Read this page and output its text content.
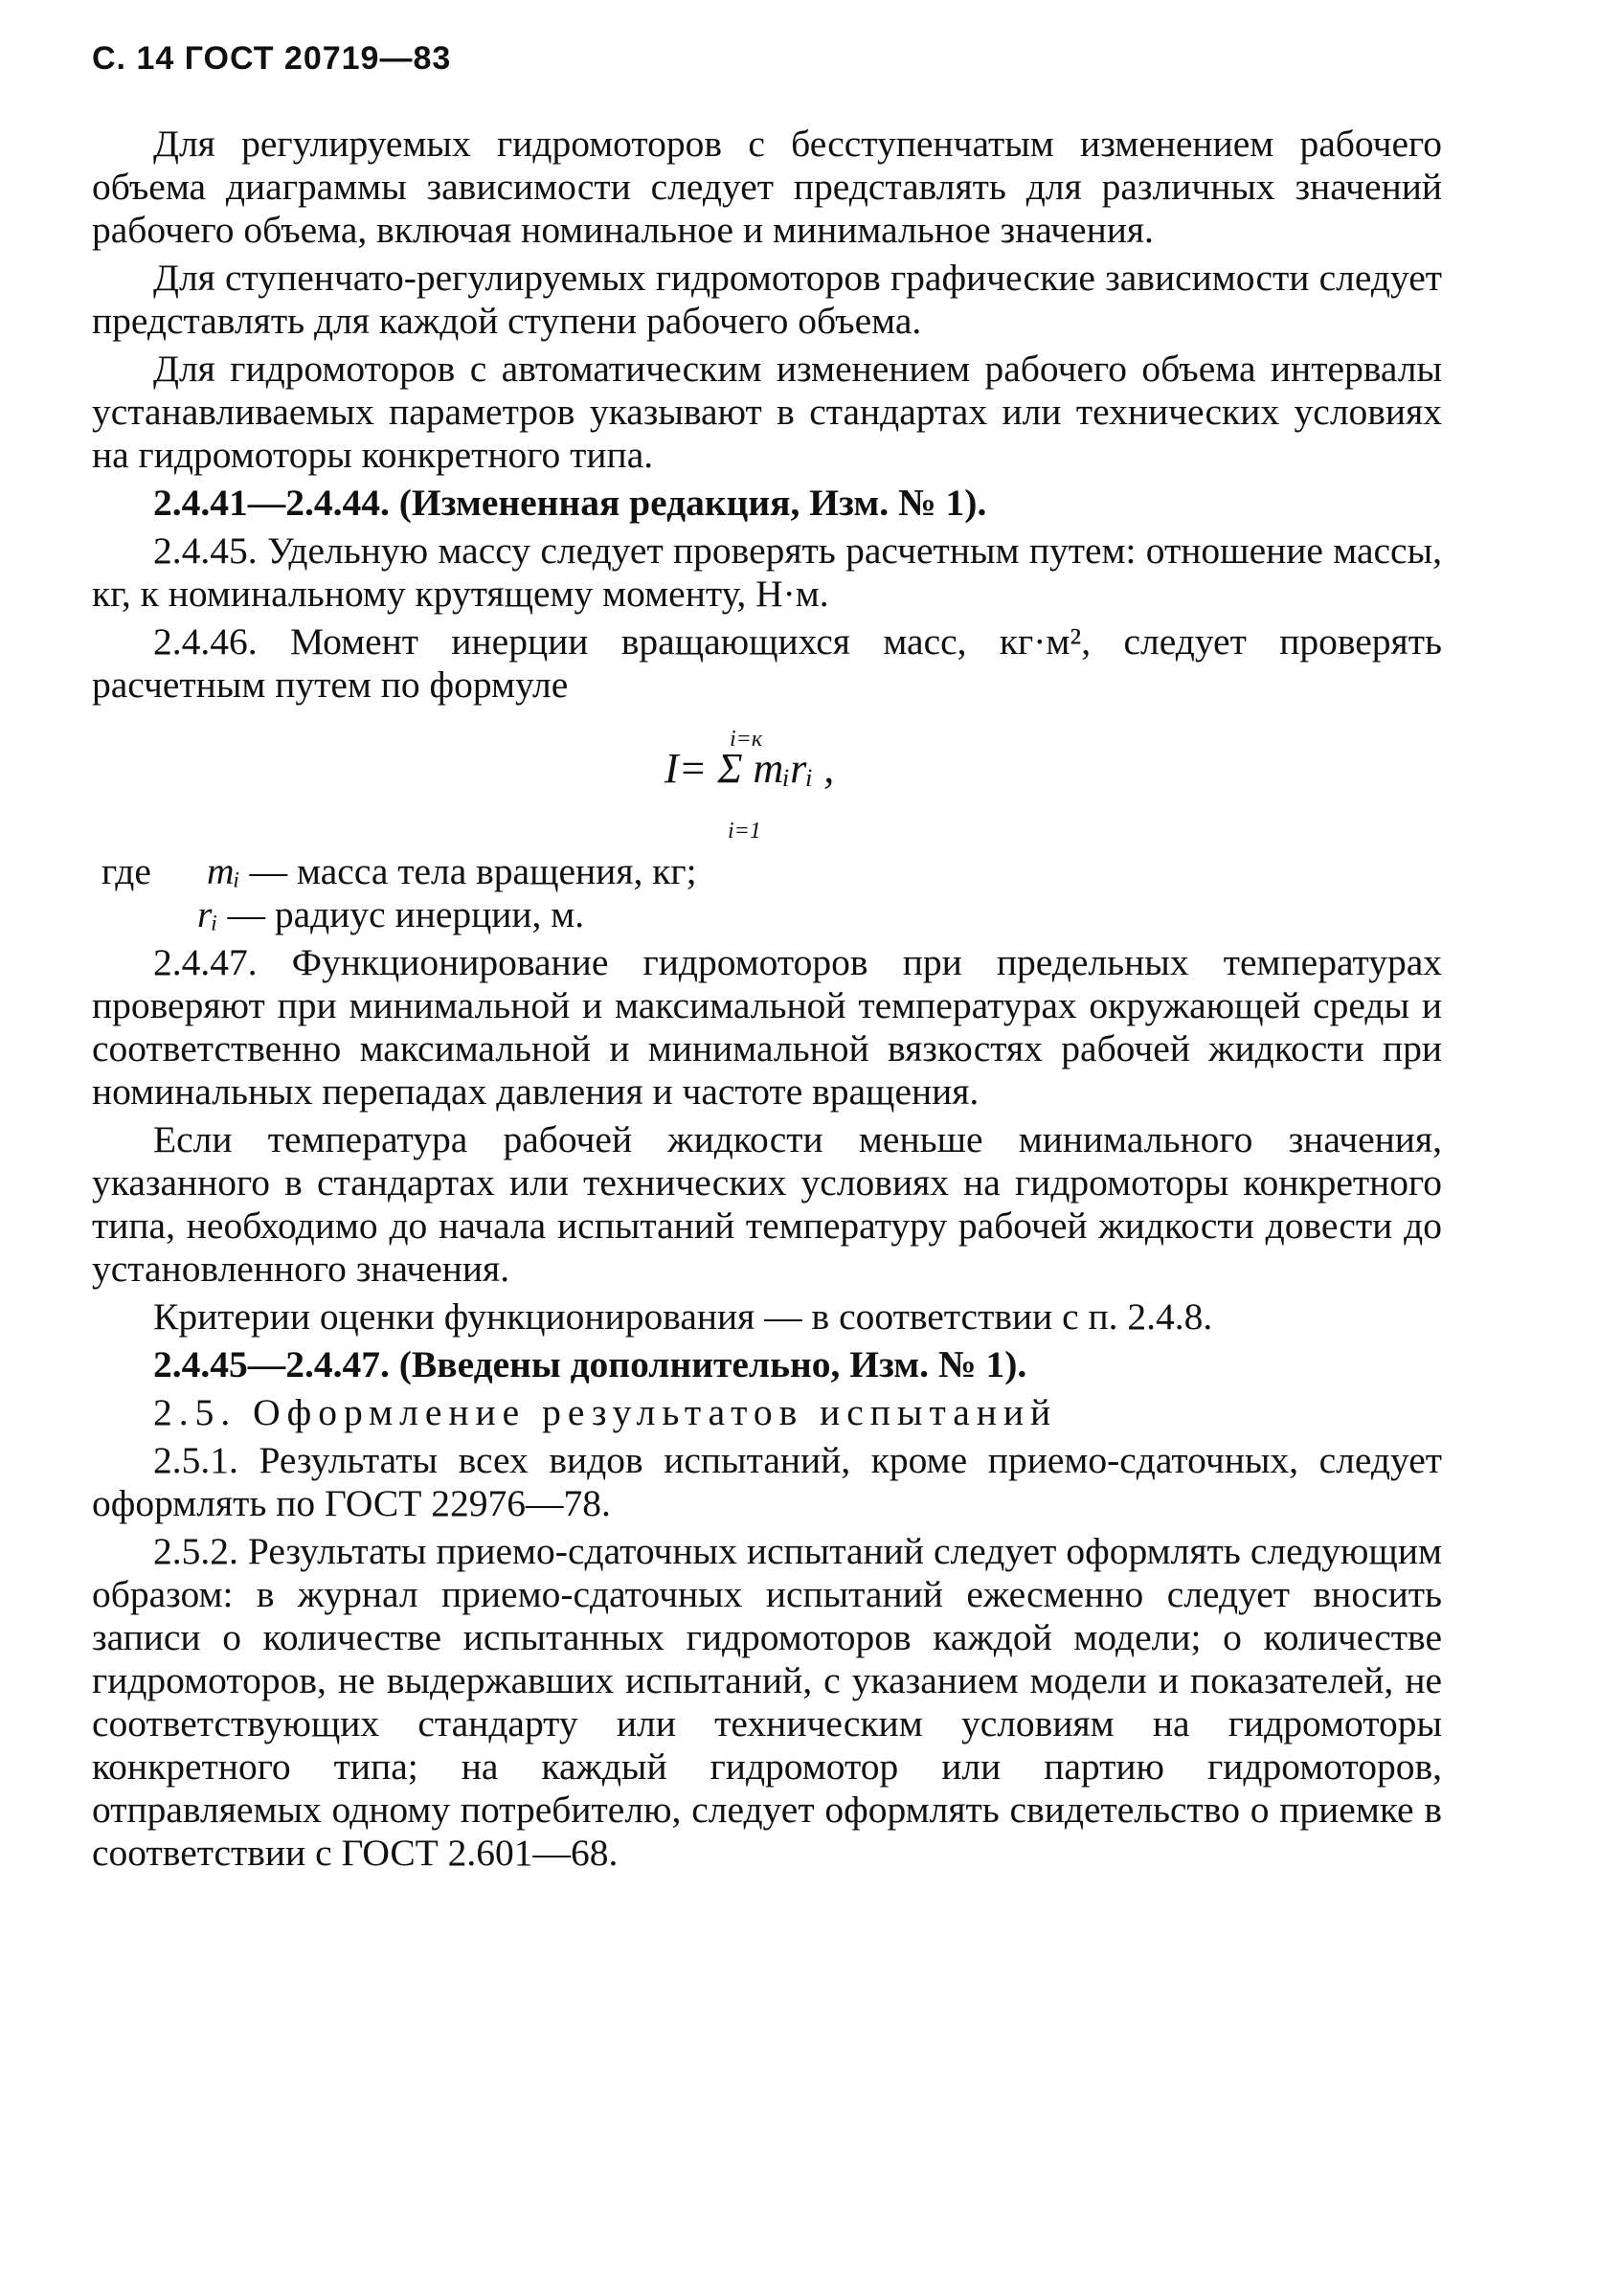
С. 14 ГОСТ 20719—83

Для регулируемых гидромоторов с бесступенчатым изменением рабочего объема диаграммы зависимости следует представлять для различных значений рабочего объема, включая номинальное и минимальное значения.

Для ступенчато-регулируемых гидромоторов графические зависимости следует представлять для каждой ступени рабочего объема.

Для гидромоторов с автоматическим изменением рабочего объема интервалы устанавливаемых параметров указывают в стандартах или технических условиях на гидромоторы конкретного типа.

2.4.41—2.4.44. (Измененная редакция, Изм. № 1).

2.4.45. Удельную массу следует проверять расчетным путем: отношение массы, кг, к номинальному крутящему моменту, Н·м.

2.4.46. Момент инерции вращающихся масс, кг·м², следует проверять расчетным путем по формуле

i=к
I= Σ mᵢrᵢ ,
i=1
где	mᵢ
— масса тела вращения, кг;
rᵢ
— радиус инерции, м.

2.4.47. Функционирование гидромоторов при предельных температурах проверяют при минимальной и максимальной температурах окружающей среды и соответственно максимальной и минимальной вязкостях рабочей жидкости при номинальных перепадах давления и частоте вращения.

Если температура рабочей жидкости меньше минимального значения, указанного в стандартах или технических условиях на гидромоторы конкретного типа, необходимо до начала испытаний температуру рабочей жидкости довести до установленного значения.

Критерии оценки функционирования — в соответствии с п. 2.4.8.

2.4.45—2.4.47. (Введены дополнительно, Изм. № 1).

2.5. Оформление результатов испытаний

2.5.1. Результаты всех видов испытаний, кроме приемо-сдаточных, следует оформлять по ГОСТ 22976—78.

2.5.2. Результаты приемо-сдаточных испытаний следует оформлять следующим образом: в журнал приемо-сдаточных испытаний ежесменно следует вносить записи о количестве испытанных гидромоторов каждой модели; о количестве гидромоторов, не выдержавших испытаний, с указанием модели и показателей, не соответствующих стандарту или техническим условиям на гидромоторы конкретного типа; на каждый гидромотор или партию гидромоторов, отправляемых одному потребителю, следует оформлять свидетельство о приемке в соответствии с ГОСТ 2.601—68.
